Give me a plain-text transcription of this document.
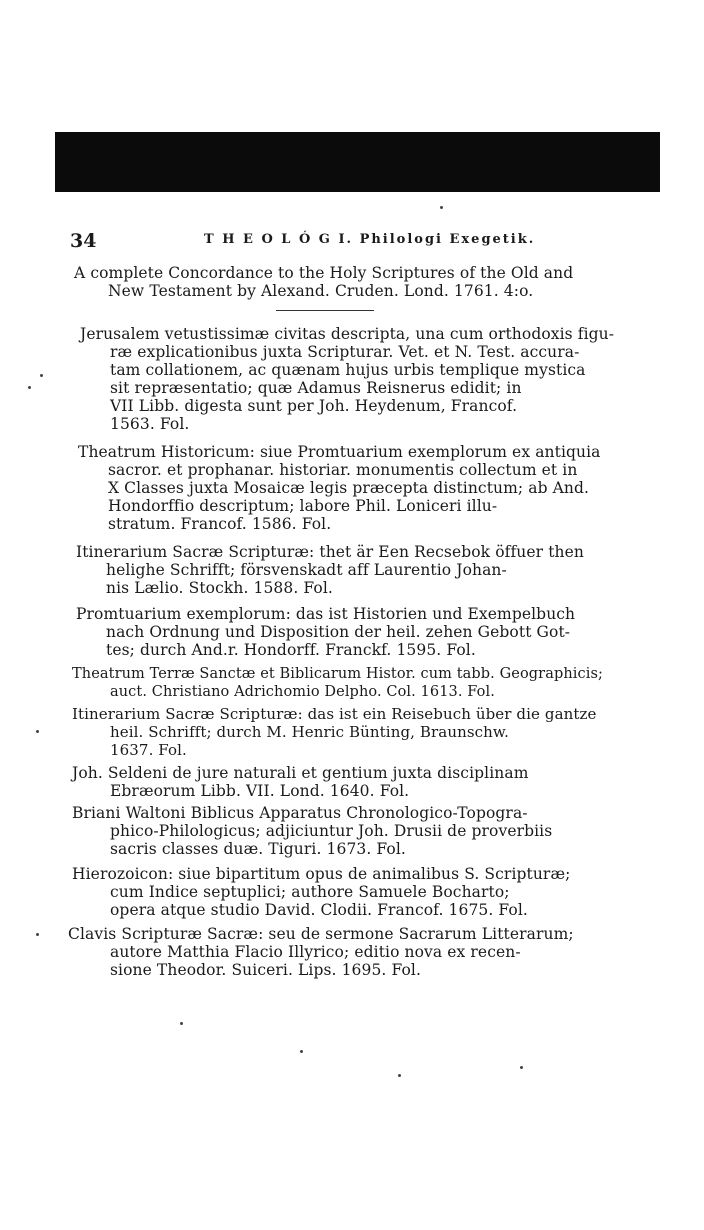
34	T H E O L Ó G I. Philologi Exegetik.
A complete Concordance to the Holy Scriptures of the Old and
New Testament by Alexand. Cruden. Lond. 1761. 4:o.
Jerusalem vetustissimæ civitas descripta, una cum orthodoxis figu-
ræ explicationibus juxta Scripturar. Vet. et N. Test. accura-
tam collationem, ac quænam hujus urbis templique mystica
sit repræsentatio; quæ Adamus Reisnerus edidit; in
VII Libb. digesta sunt per Joh. Heydenum, Francof.
1563. Fol.
Theatrum Historicum: siue Promtuarium exemplorum ex antiquia
sacror. et prophanar. historiar. monumentis collectum et in
X Classes juxta Mosaicæ legis præcepta distinctum; ab And.
Hondorffio descriptum; labore Phil. Loniceri illu-
stratum. Francof. 1586. Fol.
Itinerarium Sacræ Scripturæ: thet är Een Recsebok öffuer then
helighe Schrifft; försvenskadt aff Laurentio Johan-
nis Lælio. Stockh. 1588. Fol.
Promtuarium exemplorum: das ist Historien und Exempelbuch
nach Ordnung und Disposition der heil. zehen Gebott Got-
tes; durch And.r. Hondorff. Franckf. 1595. Fol.
Theatrum Terræ Sanctæ et Biblicarum Histor. cum tabb. Geographicis;
auct. Christiano Adrichomio Delpho. Col. 1613. Fol.
Itinerarium Sacræ Scripturæ: das ist ein Reisebuch über die gantze
heil. Schrifft; durch M. Henric Bünting, Braunschw.
1637. Fol.
Joh. Seldeni de jure naturali et gentium juxta disciplinam
Ebræorum Libb. VII. Lond. 1640. Fol.
Briani Waltoni Biblicus Apparatus Chronologico-Topogra-
phico-Philologicus; adjiciuntur Joh. Drusii de proverbiis
sacris classes duæ. Tiguri. 1673. Fol.
Hierozoicon: siue bipartitum opus de animalibus S. Scripturæ;
cum Indice septuplici; authore Samuele Bocharto;
opera atque studio David. Clodii. Francof. 1675. Fol.
Clavis Scripturæ Sacræ: seu de sermone Sacrarum Litterarum;
autore Matthia Flacio Illyrico; editio nova ex recen-
sione Theodor. Suiceri. Lips. 1695. Fol.
